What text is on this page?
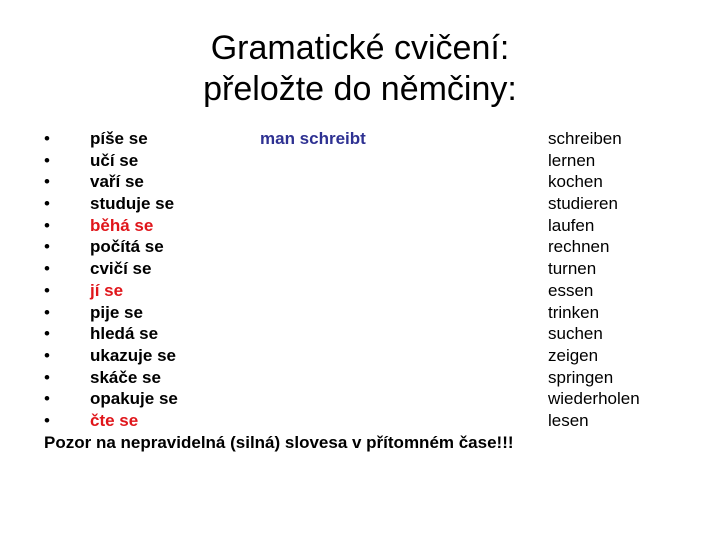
Gramatické cvičení:
přeložte do němčiny:
• píše se	man schreibt	schreiben
• učí se	lernen
• vaří se	kochen
• studuje se	studieren
• běhá se	laufen
• počítá se	rechnen
• cvičí se	turnen
• jí se	essen
• pije se	trinken
• hledá se	suchen
• ukazuje se	zeigen
• skáče se	springen
• opakuje se	wiederholen
• čte se	lesen

Pozor na nepravidelná (silná) slovesa v přítomném čase!!!
